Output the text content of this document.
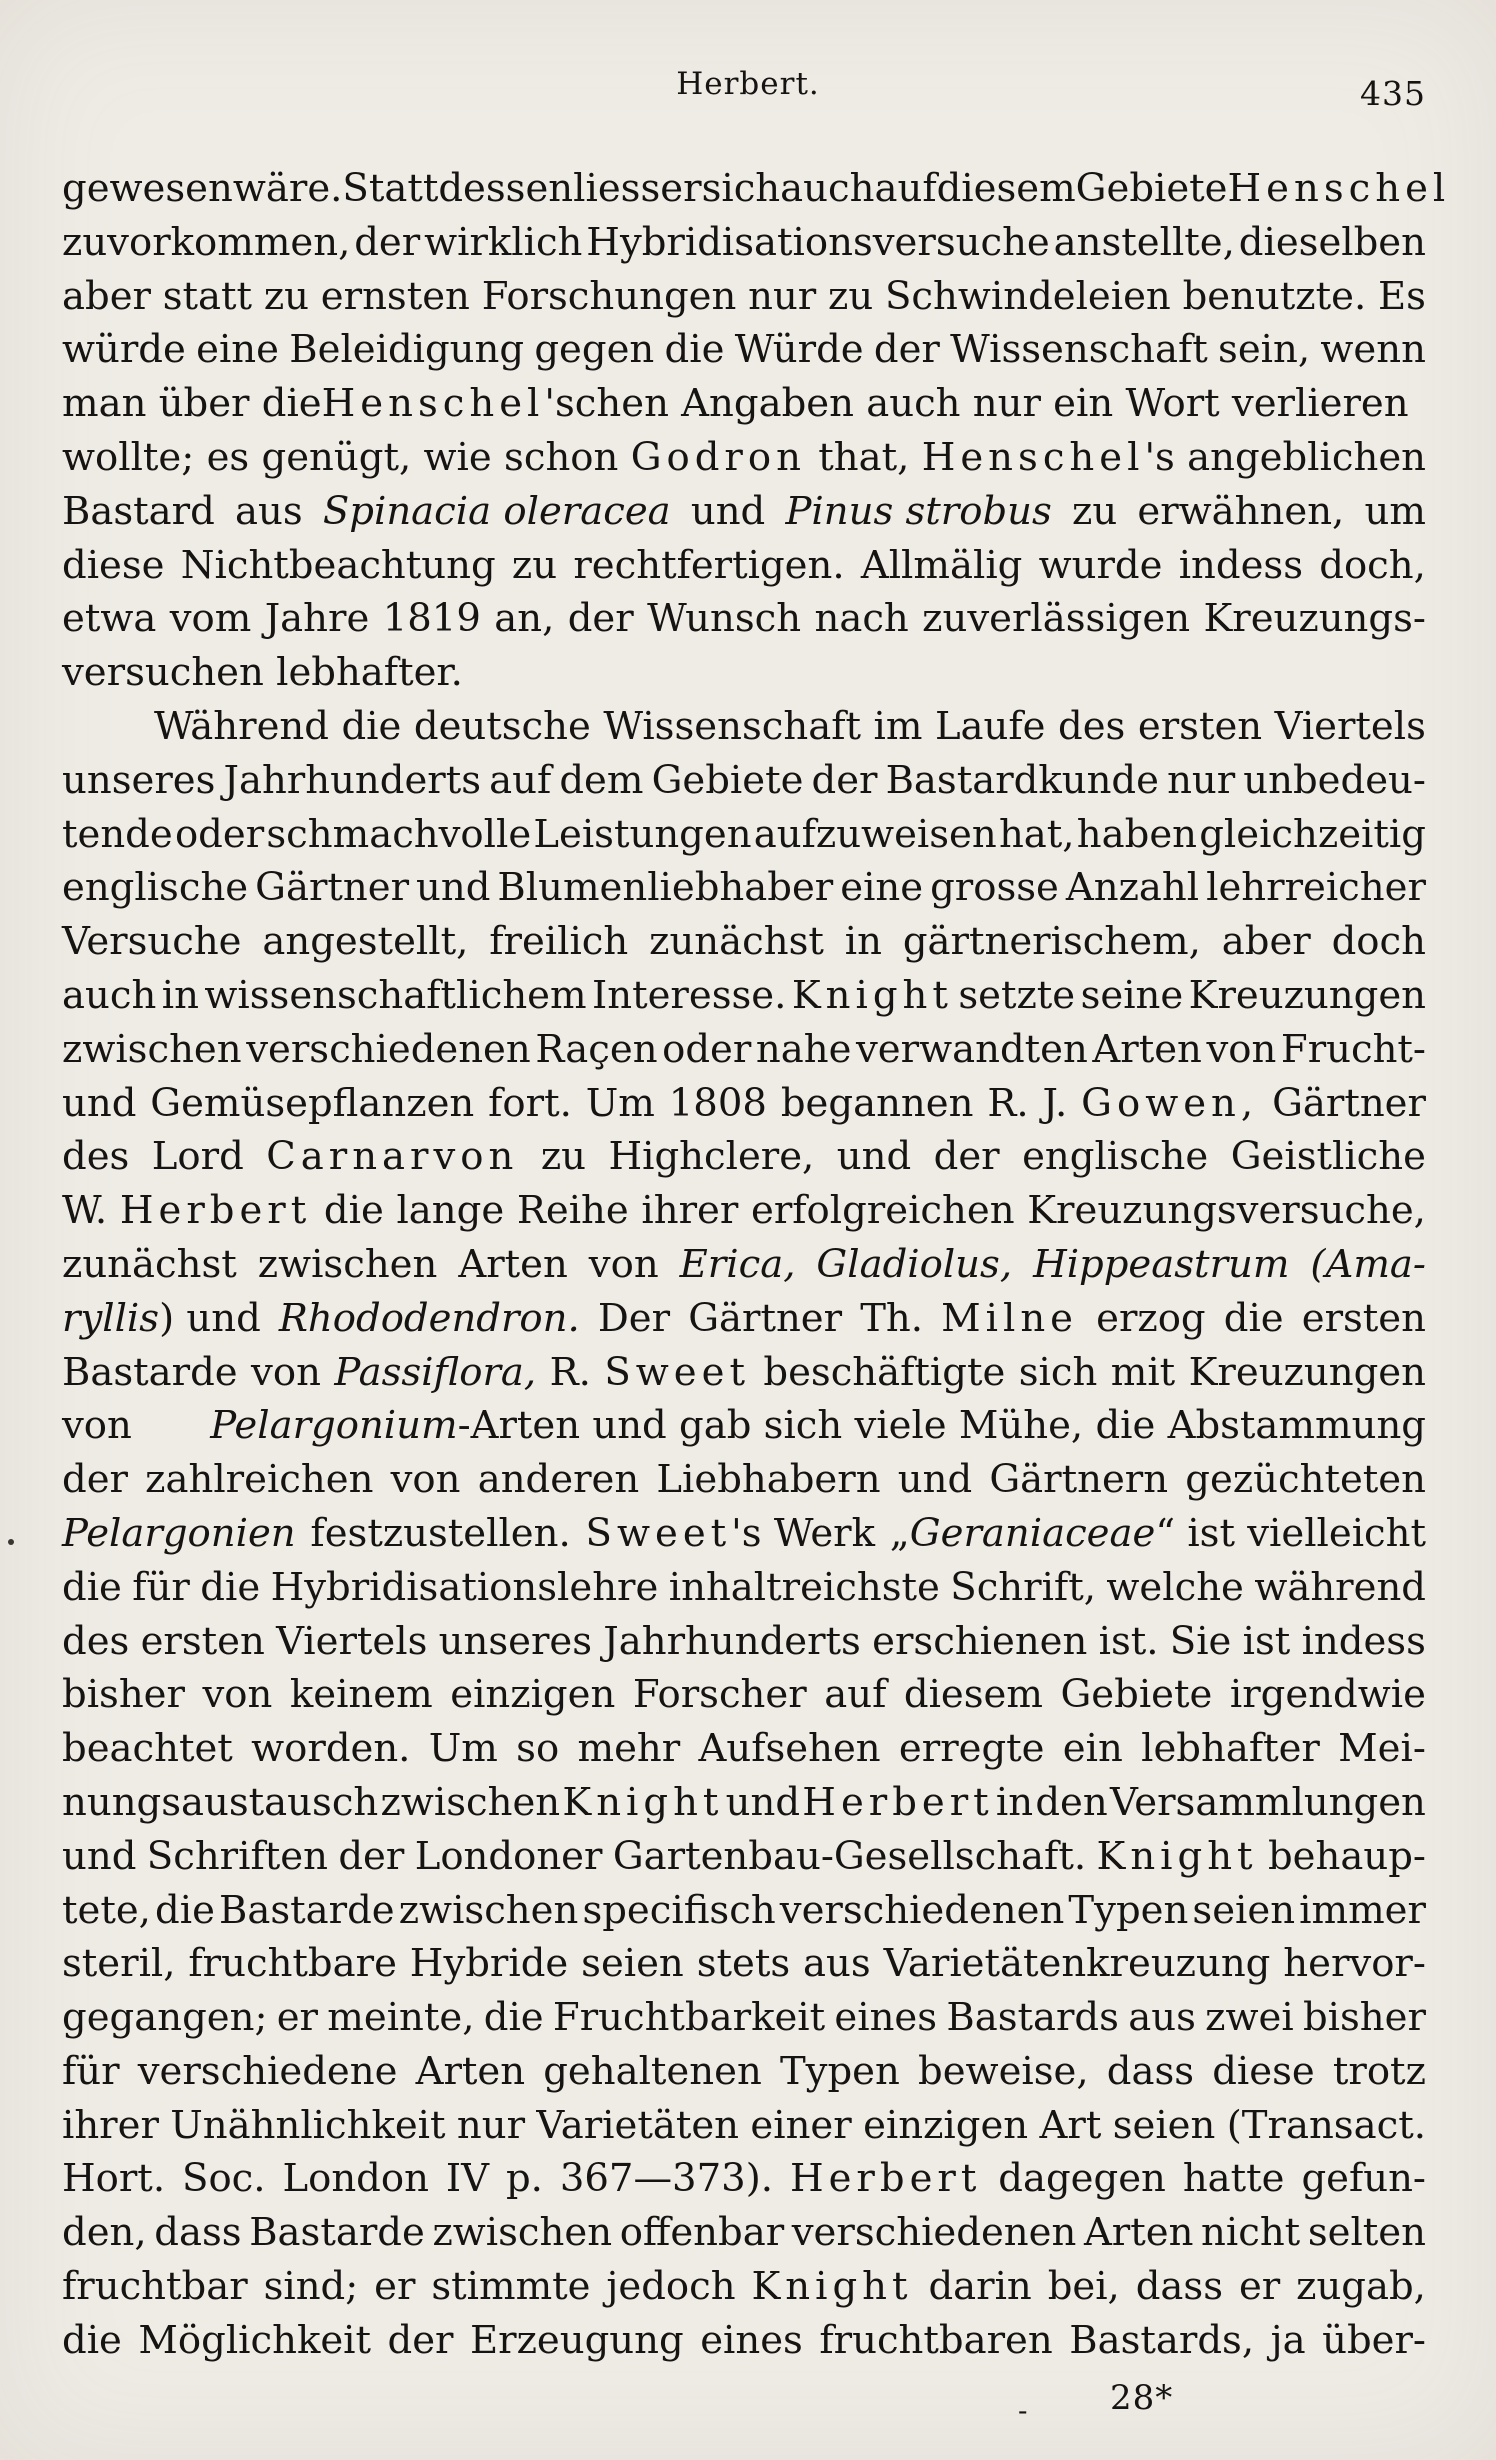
Herbert.	435
gewesen wäre. Statt dessen liess er sich auch auf diesem Gebiete Henschel
zuvorkommen, der wirklich Hybridisationsversuche anstellte, dieselben
aber statt zu ernsten Forschungen nur zu Schwindeleien benutzte. Es
würde eine Beleidigung gegen die Würde der Wissenschaft sein, wenn
man über dieHenschel'schen Angaben auch nur ein Wort verlieren
wollte; es genügt, wie schon Godron that, Henschel's angeblichen
Bastard aus Spinacia oleracea und Pinus strobus zu erwähnen, um
diese Nichtbeachtung zu rechtfertigen. Allmälig wurde indess doch,
etwa vom Jahre 1819 an, der Wunsch nach zuverlässigen Kreuzungs-
versuchen lebhafter.
Während die deutsche Wissenschaft im Laufe des ersten Viertels
unseres Jahrhunderts auf dem Gebiete der Bastardkunde nur unbedeu-
tende oder schmachvolle Leistungen aufzuweisen hat, haben gleichzeitig
englische Gärtner und Blumenliebhaber eine grosse Anzahl lehrreicher
Versuche angestellt, freilich zunächst in gärtnerischem, aber doch
auch in wissenschaftlichem Interesse. Knight setzte seine Kreuzungen
zwischen verschiedenen Raçen oder nahe verwandten Arten von Frucht-
und Gemüsepflanzen fort. Um 1808 begannen R. J. Gowen, Gärtner
des Lord Carnarvon zu Highclere, und der englische Geistliche
W. Herbert die lange Reihe ihrer erfolgreichen Kreuzungsversuche,
zunächst zwischen Arten von Erica, Gladiolus, Hippeastrum (Ama-
ryllis) und Rhododendron. Der Gärtner Th. Milne erzog die ersten
Bastarde von Passiflora, R. Sweet beschäftigte sich mit Kreuzungen
von Pelargonium-Arten und gab sich viele Mühe, die Abstammung
der zahlreichen von anderen Liebhabern und Gärtnern gezüchteten
Pelargonien festzustellen. Sweet's Werk „Geraniaceae“ ist vielleicht
die für die Hybridisationslehre inhaltreichste Schrift, welche während
des ersten Viertels unseres Jahrhunderts erschienen ist. Sie ist indess
bisher von keinem einzigen Forscher auf diesem Gebiete irgendwie
beachtet worden. Um so mehr Aufsehen erregte ein lebhafter Mei-
nungsaustausch zwischen Knight und Herbert in den Versammlungen
und Schriften der Londoner Gartenbau-Gesellschaft. Knight behaup-
tete, die Bastarde zwischen specifisch verschiedenen Typen seien immer
steril, fruchtbare Hybride seien stets aus Varietätenkreuzung hervor-
gegangen; er meinte, die Fruchtbarkeit eines Bastards aus zwei bisher
für verschiedene Arten gehaltenen Typen beweise, dass diese trotz
ihrer Unähnlichkeit nur Varietäten einer einzigen Art seien (Transact.
Hort. Soc. London IV p. 367—373). Herbert dagegen hatte gefun-
den, dass Bastarde zwischen offenbar verschiedenen Arten nicht selten
fruchtbar sind; er stimmte jedoch Knight darin bei, dass er zugab,
die Möglichkeit der Erzeugung eines fruchtbaren Bastards, ja über-
- 28*
